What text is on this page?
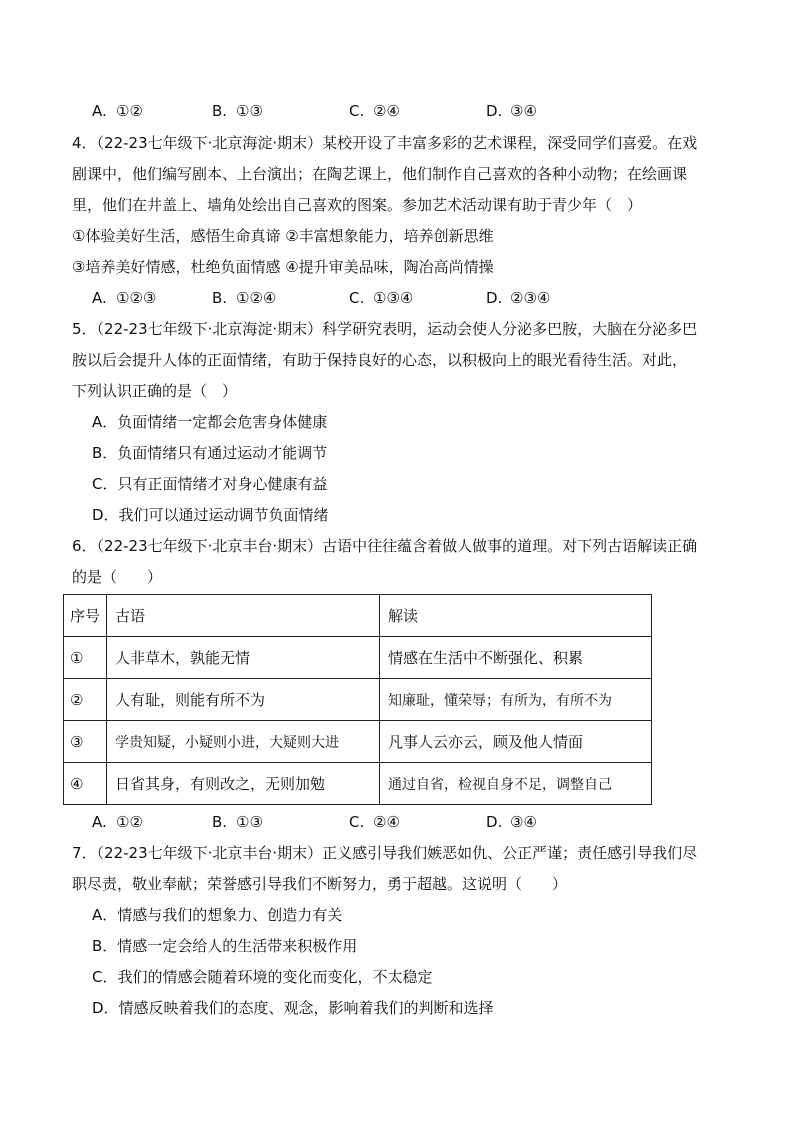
A. ①②	B. ①③	C. ②④	D. ③④
4．（22-23七年级下·北京海淀·期末）某校开设了丰富多彩的艺术课程，深受同学们喜爱。在戏
剧课中，他们编写剧本、上台演出；在陶艺课上，他们制作自己喜欢的各种小动物；在绘画课
里，他们在井盖上、墙角处绘出自己喜欢的图案。参加艺术活动课有助于青少年（　）
①体验美好生活，感悟生命真谛 ②丰富想象能力，培养创新思维
③培养美好情感，杜绝负面情感 ④提升审美品味，陶冶高尚情操
A. ①②③	B. ①②④	C. ①③④	D. ②③④
5．（22-23七年级下·北京海淀·期末）科学研究表明，运动会使人分泌多巴胺，大脑在分泌多巴
胺以后会提升人体的正面情绪，有助于保持良好的心态，以积极向上的眼光看待生活。对此，
下列认识正确的是（　）
A．负面情绪一定都会危害身体健康
B．负面情绪只有通过运动才能调节
C．只有正面情绪才对身心健康有益
D．我们可以通过运动调节负面情绪
6．（22-23七年级下·北京丰台·期末）古语中往往蕴含着做人做事的道理。对下列古语解读正确
的是（　　）
序号	古语	解读
①	人非草木，孰能无情	情感在生活中不断强化、积累
②	人有耻，则能有所不为	知廉耻，懂荣辱；有所为，有所不为
③	学贵知疑，小疑则小进，大疑则大进	凡事人云亦云，顾及他人情面
④	日省其身，有则改之，无则加勉	通过自省，检视自身不足，调整自己
A. ①②	B. ①③	C. ②④	D. ③④
7．（22-23七年级下·北京丰台·期末）正义感引导我们嫉恶如仇、公正严谨；责任感引导我们尽
职尽责，敬业奉献；荣誉感引导我们不断努力，勇于超越。这说明（　　）
A．情感与我们的想象力、创造力有关
B．情感一定会给人的生活带来积极作用
C．我们的情感会随着环境的变化而变化，不太稳定
D．情感反映着我们的态度、观念，影响着我们的判断和选择
